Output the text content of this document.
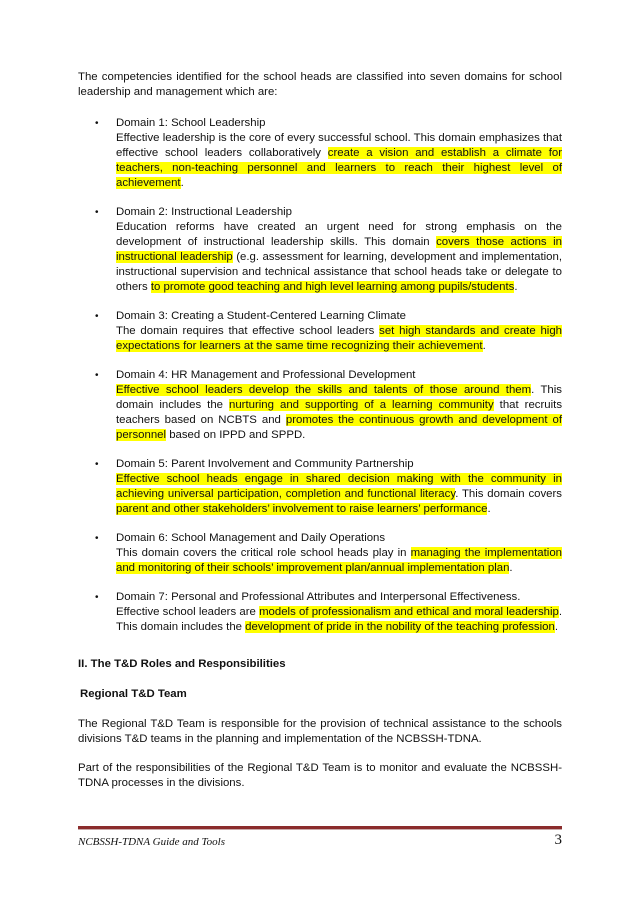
The competencies identified for the school heads are classified into seven domains for school leadership and management which are:

• Domain 1: School Leadership
Effective leadership is the core of every successful school. This domain emphasizes that effective school leaders collaboratively create a vision and establish a climate for teachers, non-teaching personnel and learners to reach their highest level of achievement.
• Domain 2: Instructional Leadership
Education reforms have created an urgent need for strong emphasis on the development of instructional leadership skills. This domain covers those actions in instructional leadership (e.g. assessment for learning, development and implementation, instructional supervision and technical assistance that school heads take or delegate to others to promote good teaching and high level learning among pupils/students.
• Domain 3: Creating a Student-Centered Learning Climate
The domain requires that effective school leaders set high standards and create high expectations for learners at the same time recognizing their achievement.
• Domain 4: HR Management and Professional Development
Effective school leaders develop the skills and talents of those around them. This domain includes the nurturing and supporting of a learning community that recruits teachers based on NCBTS and promotes the continuous growth and development of personnel based on IPPD and SPPD.
• Domain 5: Parent Involvement and Community Partnership
Effective school heads engage in shared decision making with the community in achieving universal participation, completion and functional literacy. This domain covers parent and other stakeholders’ involvement to raise learners’ performance.
• Domain 6: School Management and Daily Operations
This domain covers the critical role school heads play in managing the implementation and monitoring of their schools’ improvement plan/annual implementation plan.
• Domain 7: Personal and Professional Attributes and Interpersonal Effectiveness.
Effective school leaders are models of professionalism and ethical and moral leadership. This domain includes the development of pride in the nobility of the teaching profession.
II. The T&D Roles and Responsibilities
Regional T&D Team

The Regional T&D Team is responsible for the provision of technical assistance to the schools divisions T&D teams in the planning and implementation of the NCBSSH-TDNA.

Part of the responsibilities of the Regional T&D Team is to monitor and evaluate the NCBSSH-TDNA processes in the divisions.

NCBSSH-TDNA Guide and Tools	3
